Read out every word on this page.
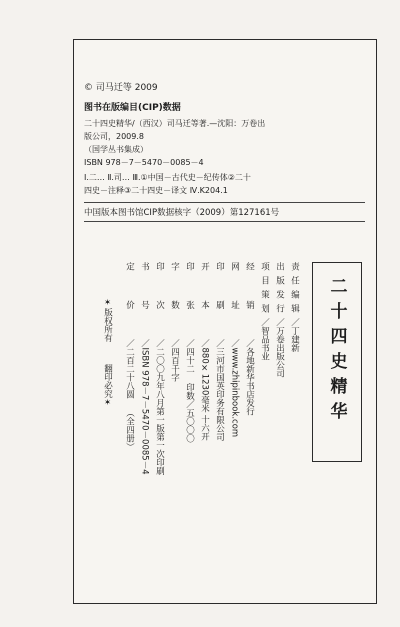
© 司马迁等 2009
图书在版编目(CIP)数据
二十四史精华/（西汉）司马迁等著.—沈阳：万卷出
版公司，2009.8
（国学丛书集成）
ISBN 978－7－5470－0085－4
Ⅰ.二… Ⅱ.司… Ⅲ.①中国－古代史－纪传体②二十
四史－注释③二十四史－译文 Ⅳ.K204.1
中国版本图书馆CIP数据核字（2009）第127161号
责任编辑／丁建新
出版发行／万卷出版公司
项目策划／智品书业
经销／各地新华书店发行
网址／www.zhipinbook.com
印刷／三河市国英印务有限公司
开本／880×1230毫米 十六开
印张／四十二 印数／五〇〇〇
字数／四百千字
印次／二〇〇九年八月第一版第一次印刷
书号／ISBN 978－7－5470－0085－4
定价／二百二十八圆 （全四册）
✶版权所有翻印必究✶	二十四史精华
